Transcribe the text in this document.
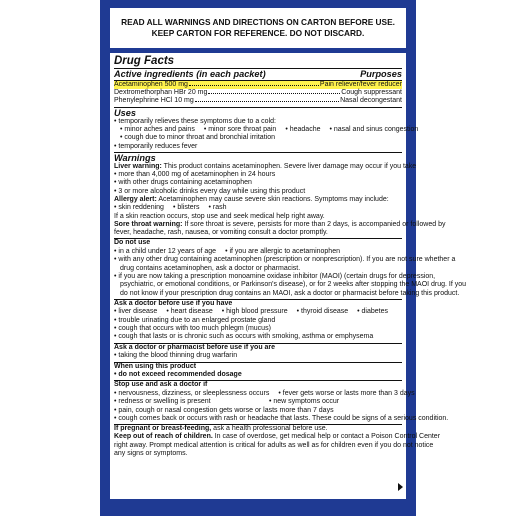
READ ALL WARNINGS AND DIRECTIONS ON CARTON BEFORE USE.
KEEP CARTON FOR REFERENCE. DO NOT DISCARD.
Drug Facts
Active ingredients (in each packet)	Purposes
Acetaminophen 500 mg	Pain reliever/fever reducer
Dextromethorphan HBr 20 mg	Cough suppressant
Phenylephrine HCl 10 mg	Nasal decongestant
Uses
• temporarily relieves these symptoms due to a cold:
• minor aches and pains • minor sore throat pain • headache • nasal and sinus congestion
• cough due to minor throat and bronchial irritation
• temporarily reduces fever
Warnings
Liver warning: This product contains acetaminophen. Severe liver damage may occur if you take
• more than 4,000 mg of acetaminophen in 24 hours
• with other drugs containing acetaminophen
• 3 or more alcoholic drinks every day while using this product
Allergy alert: Acetaminophen may cause severe skin reactions. Symptoms may include:
• skin reddening • blisters • rash
If a skin reaction occurs, stop use and seek medical help right away.
Sore throat warning: If sore throat is severe, persists for more than 2 days, is accompanied or followed by
fever, headache, rash, nausea, or vomiting consult a doctor promptly.
Do not use
• in a child under 12 years of age • if you are allergic to acetaminophen
• with any other drug containing acetaminophen (prescription or nonprescription). If you are not sure whether a
drug contains acetaminophen, ask a doctor or pharmacist.
• if you are now taking a prescription monoamine oxidase inhibitor (MAOI) (certain drugs for depression,
psychiatric, or emotional conditions, or Parkinson's disease), or for 2 weeks after stopping the MAOI drug. If you
do not know if your prescription drug contains an MAOI, ask a doctor or pharmacist before taking this product.
Ask a doctor before use if you have
• liver disease • heart disease • high blood pressure • thyroid disease • diabetes
• trouble urinating due to an enlarged prostate gland
• cough that occurs with too much phlegm (mucus)
• cough that lasts or is chronic such as occurs with smoking, asthma or emphysema
Ask a doctor or pharmacist before use if you are
• taking the blood thinning drug warfarin
When using this product
• do not exceed recommended dosage
Stop use and ask a doctor if
• nervousness, dizziness, or sleeplessness occurs • fever gets worse or lasts more than 3 days
• redness or swelling is present	• new symptoms occur
• pain, cough or nasal congestion gets worse or lasts more than 7 days
• cough comes back or occurs with rash or headache that lasts. These could be signs of a serious condition.
If pregnant or breast-feeding, ask a health professional before use.
Keep out of reach of children. In case of overdose, get medical help or contact a Poison Control Center
right away. Prompt medical attention is critical for adults as well as for children even if you do not notice
any signs or symptoms.
